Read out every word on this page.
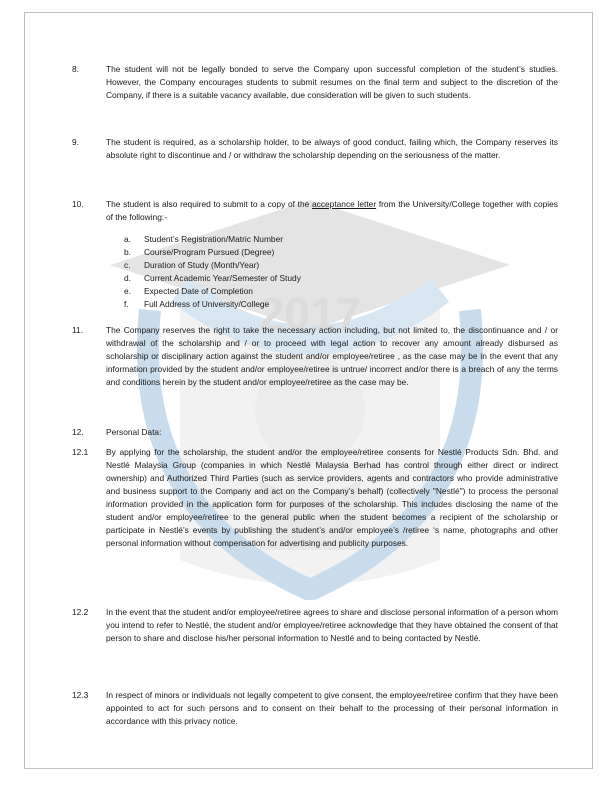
2017
8.	The student will not be legally bonded to serve the Company upon successful completion of the student’s studies. However, the Company encourages students to submit resumes on the final term and subject to the discretion of the Company, if there is a suitable vacancy available, due consideration will be given to such students.
9.	The student is required, as a scholarship holder, to be always of good conduct, failing which, the Company reserves its absolute right to discontinue and / or withdraw the scholarship depending on the seriousness of the matter.
10.	The student is also required to submit to a copy of the acceptance letter from the University/College together with copies of the following:-
a. Student’s Registration/Matric Number
b. Course/Program Pursued (Degree)
c. Duration of Study (Month/Year)
d. Current Academic Year/Semester of Study
e. Expected Date of Completion
f. Full Address of University/College
11.	The Company reserves the right to take the necessary action including, but not limited to, the discontinuance and / or withdrawal of the scholarship and / or to proceed with legal action to recover any amount already disbursed as scholarship or disciplinary action against the student and/or employee/retiree , as the case may be in the event that any information provided by the student and/or employee/retiree is untrue/ incorrect and/or there is a breach of any the terms and conditions herein by the student and/or employee/retiree as the case may be.
12.	Personal Data:
12.1 By applying for the scholarship, the student and/or the employee/retiree consents for Nestlé Products Sdn. Bhd. and Nestlé Malaysia Group (companies in which Nestlé Malaysia Berhad has control through either direct or indirect ownership) and Authorized Third Parties (such as service providers, agents and contractors who provide administrative and business support to the Company and act on the Company’s behalf) (collectively "Nestlé") to process the personal information provided in the application form for purposes of the scholarship. This includes disclosing the name of the student and/or employee/retiree to the general public when the student becomes a recipient of the scholarship or participate in Nestlé’s events by publishing the student’s and/or employee’s /retiree ‘s name, photographs and other personal information without compensation for advertising and publicity purposes.
12.2 In the event that the student and/or employee/retiree agrees to share and disclose personal information of a person whom you intend to refer to Nestlé, the student and/or employee/retiree acknowledge that they have obtained the consent of that person to share and disclose his/her personal information to Nestlé and to being contacted by Nestlé.
12.3 In respect of minors or individuals not legally competent to give consent, the employee/retiree confirm that they have been appointed to act for such persons and to consent on their behalf to the processing of their personal information in accordance with this privacy notice.
